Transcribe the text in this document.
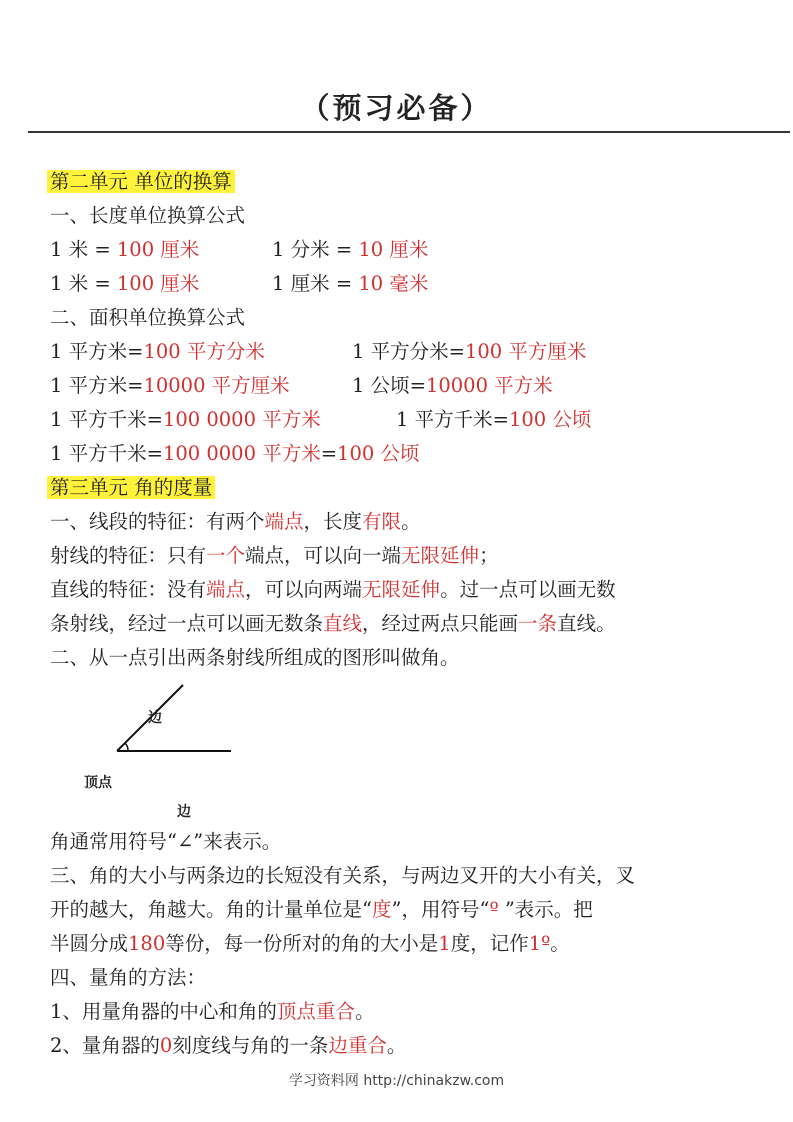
（预习必备）
第二单元 单位的换算
一、长度单位换算公式
1 米 = 100 厘米	1 分米 = 10 厘米
1 米 = 100 厘米	1 厘米 = 10 毫米
二、面积单位换算公式
1 平方米=100 平方分米	1 平方分米=100 平方厘米
1 平方米=10000 平方厘米	1 公顷=10000 平方米
1 平方千米=100 0000 平方米	1 平方千米=100 公顷
1 平方千米=100 0000 平方米=100 公顷
第三单元 角的度量
一、线段的特征：有两个端点，长度有限。
射线的特征：只有一个端点，可以向一端无限延伸；
直线的特征：没有端点，可以向两端无限延伸。过一点可以画无数
条射线，经过一点可以画无数条直线，经过两点只能画一条直线。
二、从一点引出两条射线所组成的图形叫做角。
边
顶点
边
角通常用符号“∠”来表示。
三、角的大小与两条边的长短没有关系，与两边叉开的大小有关，叉
开的越大，角越大。角的计量单位是“度”，用符号“º ”表示。把
半圆分成180等份，每一份所对的角的大小是1度，记作1º。
四、量角的方法：
1、用量角器的中心和角的顶点重合。
2、量角器的0刻度线与角的一条边重合。
学习资料网 http://chinakzw.com
